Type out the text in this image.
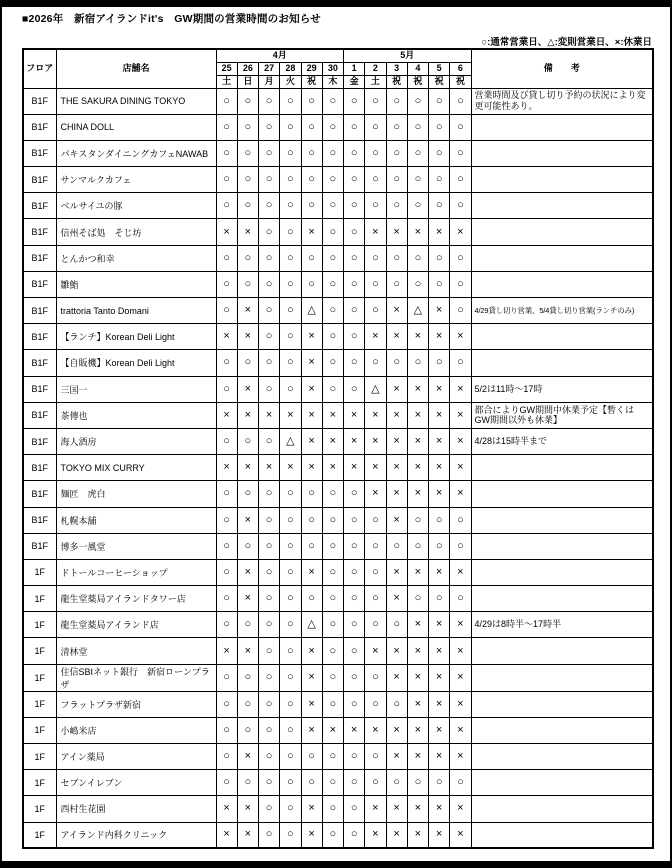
■2026年　新宿アイランドit's　GW期間の営業時間のお知らせ
○:通常営業日、△:変則営業日、×:休業日
フロア	店舗名	4月						5月						備　　考
		25	26	27	28	29	30	1	2	3	4	5	6	
		土	日	月	火	祝	木	金	土	祝	祝	祝	祝	
B1F	THE SAKURA DINING TOKYO	○	○	○	○	○	○	○	○	○	○	○	○	営業時間及び貸し切り予約の状況により変更可能性あり。
B1F	CHINA DOLL	○	○	○	○	○	○	○	○	○	○	○	○	
B1F	パキスタンダイニングカフェNAWAB	○	○	○	○	○	○	○	○	○	○	○	○	
B1F	サンマルクカフェ	○	○	○	○	○	○	○	○	○	○	○	○	
B1F	ベルサイユの豚	○	○	○	○	○	○	○	○	○	○	○	○	
B1F	信州そば処　そじ坊	×	×	○	○	×	○	○	×	×	×	×	×	
B1F	とんかつ和幸	○	○	○	○	○	○	○	○	○	○	○	○	
B1F	雛鮨	○	○	○	○	○	○	○	○	○	○	○	○	
B1F	trattoria Tanto Domani	○	×	○	○	△	○	○	○	×	△	×	○	4/29貸し切り営業、5/4貸し切り営業(ランチのみ)
B1F	【ランチ】Korean Deli Light	×	×	○	○	×	○	○	×	×	×	×	×	
B1F	【自販機】Korean Deli Light	○	○	○	○	×	○	○	○	○	○	○	○	
B1F	三国一	○	×	○	○	×	○	○	△	×	×	×	×	5/2は11時〜17時
B1F	茶傳也	×	×	×	×	×	×	×	×	×	×	×	×	都合によりGW期間中休業予定【暫くはGW期間以外も休業】
B1F	海人酒房	○	○	○	△	×	×	×	×	×	×	×	×	4/28は15時半まで
B1F	TOKYO MIX CURRY	×	×	×	×	×	×	×	×	×	×	×	×	
B1F	麺匠　虎白	○	○	○	○	○	○	○	×	×	×	×	×	
B1F	札幌本舗	○	×	○	○	○	○	○	○	×	○	○	○	
B1F	博多一風堂	○	○	○	○	○	○	○	○	○	○	○	○	
1F	ドトールコーヒーショップ	○	×	○	○	×	○	○	○	×	×	×	×	
1F	龍生堂薬局アイランドタワー店	○	×	○	○	○	○	○	○	×	○	○	○	
1F	龍生堂薬局アイランド店	○	○	○	○	△	○	○	○	○	×	×	×	4/29は8時半〜17時半
1F	清林堂	×	×	○	○	×	○	○	×	×	×	×	×	
1F	住信SBIネット銀行　新宿ローンプラザ	○	○	○	○	×	○	○	○	×	×	×	×	
1F	フラットプラザ新宿	○	○	○	○	×	○	○	○	○	×	×	×	
1F	小嶋米店	○	○	○	○	×	×	×	×	×	×	×	×	
1F	アイン薬局	○	×	○	○	○	○	○	○	×	×	×	×	
1F	セブンイレブン	○	○	○	○	○	○	○	○	○	○	○	○	
1F	西村生花園	×	×	○	○	×	○	○	×	×	×	×	×	
1F	アイランド内科クリニック	×	×	○	○	×	○	○	×	×	×	×	×	
